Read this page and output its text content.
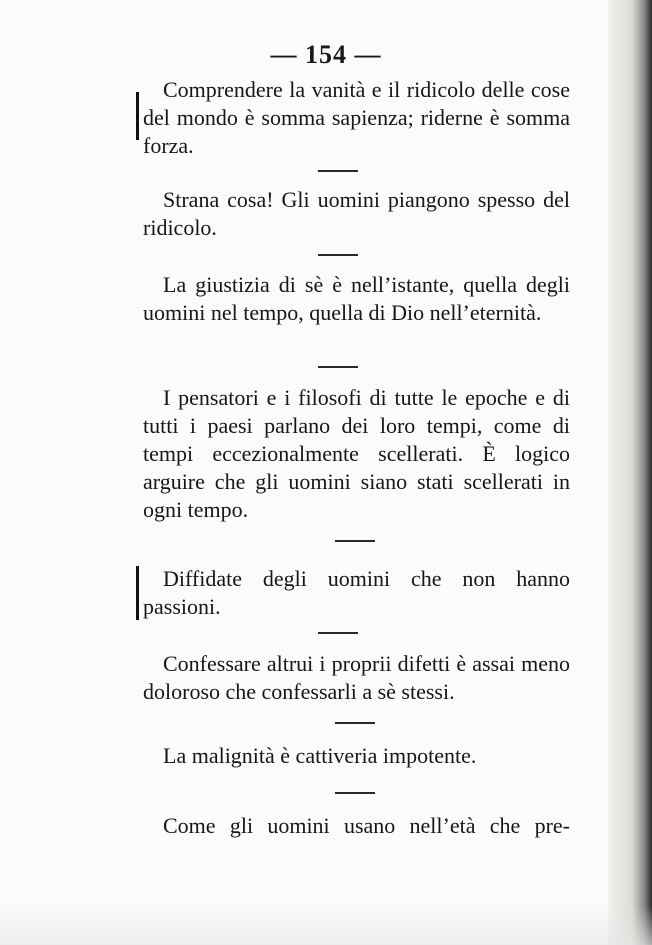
— 154 —

Comprendere la vanità e il ridicolo delle cose del mondo è somma sapienza; riderne è somma forza.

Strana cosa! Gli uomini piangono spesso del ridicolo.

La giustizia di sè è nell’istante, quella degli uomini nel tempo, quella di Dio nell’eternità.

I pensatori e i filosofi di tutte le epoche e di tutti i paesi parlano dei loro tempi, come di tempi eccezionalmente scellerati. È logico arguire che gli uomini siano stati scellerati in ogni tempo.

Diffidate degli uomini che non hanno passioni.

Confessare altrui i proprii difetti è assai meno doloroso che confessarli a sè stessi.

La malignità è cattiveria impotente.

Come gli uomini usano nell’età che pre-
